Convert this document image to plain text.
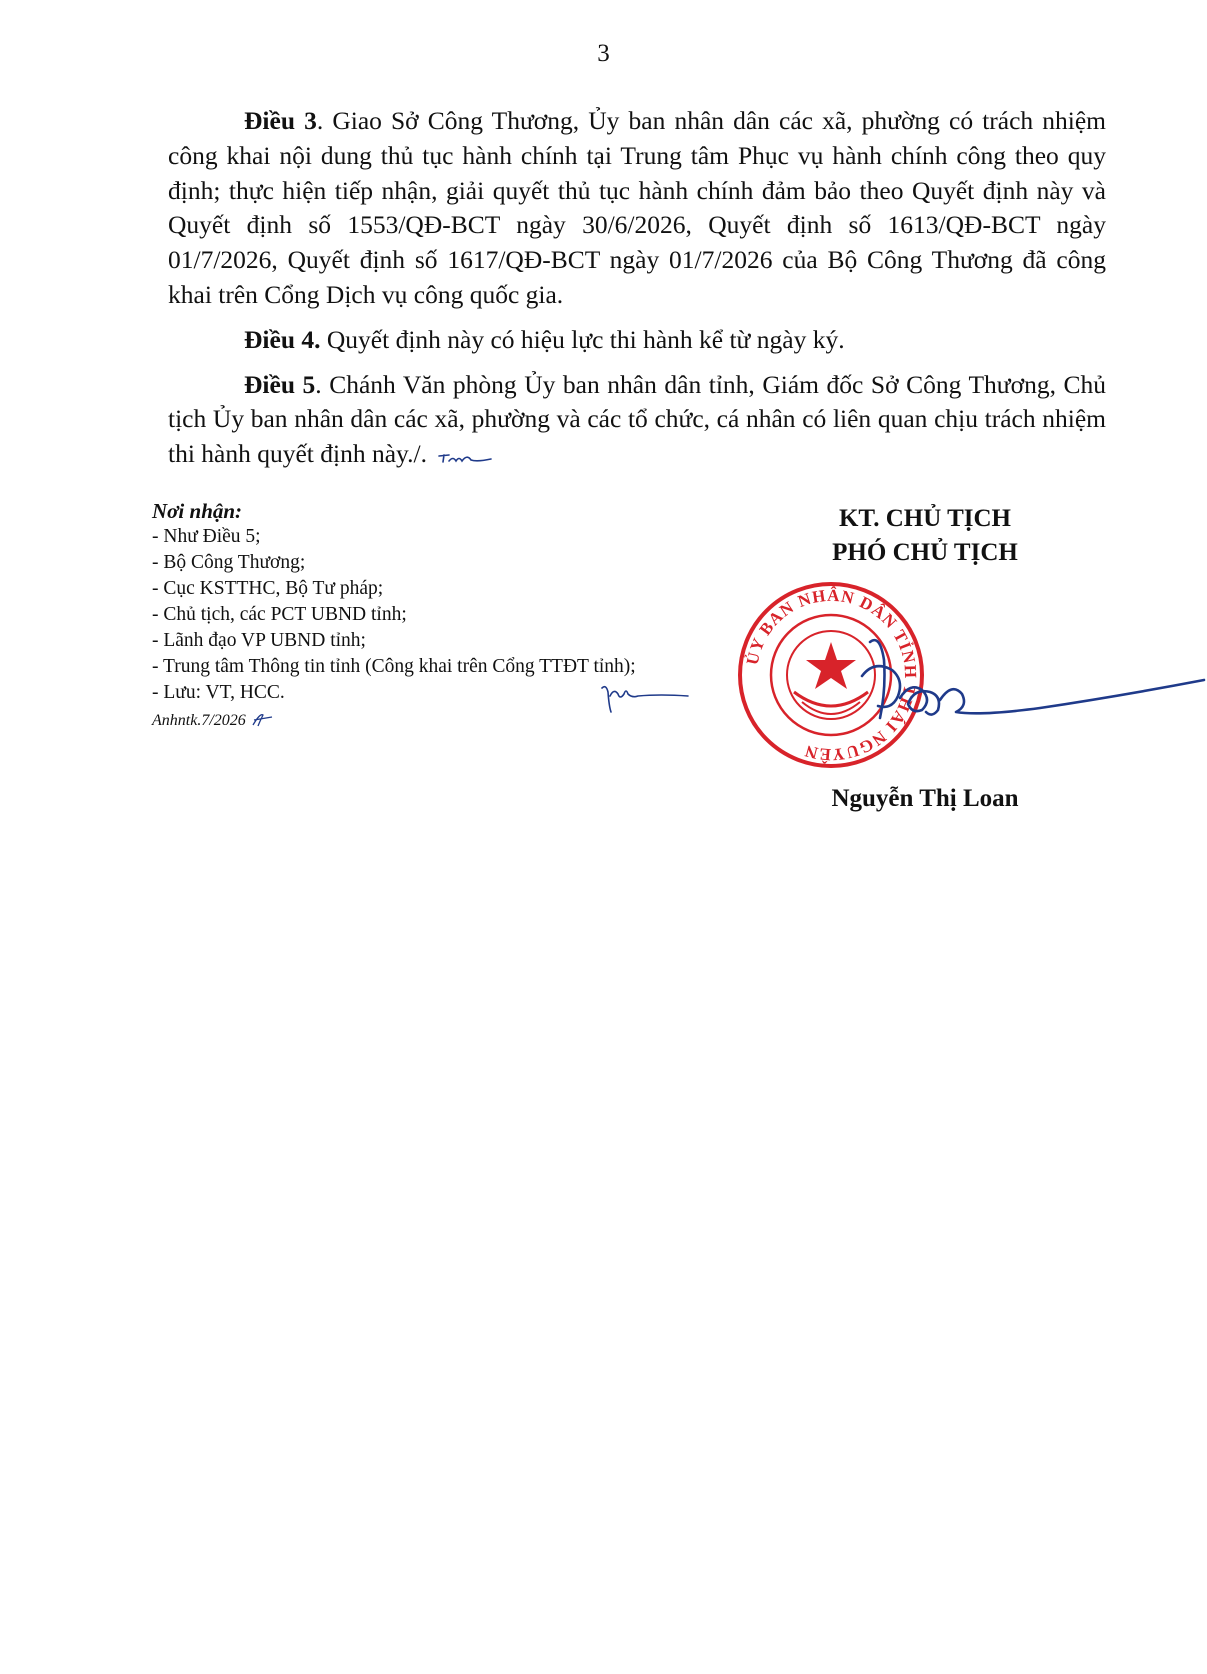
3

Điều 3. Giao Sở Công Thương, Ủy ban nhân dân các xã, phường có trách nhiệm công khai nội dung thủ tục hành chính tại Trung tâm Phục vụ hành chính công theo quy định; thực hiện tiếp nhận, giải quyết thủ tục hành chính đảm bảo theo Quyết định này và Quyết định số 1553/QĐ-BCT ngày 30/6/2026, Quyết định số 1613/QĐ-BCT ngày 01/7/2026, Quyết định số 1617/QĐ-BCT ngày 01/7/2026 của Bộ Công Thương đã công khai trên Cổng Dịch vụ công quốc gia.

Điều 4. Quyết định này có hiệu lực thi hành kể từ ngày ký.

Điều 5. Chánh Văn phòng Ủy ban nhân dân tỉnh, Giám đốc Sở Công Thương, Chủ tịch Ủy ban nhân dân các xã, phường và các tổ chức, cá nhân có liên quan chịu trách nhiệm thi hành quyết định này./.

Nơi nhận:
- Như Điều 5;
- Bộ Công Thương;
- Cục KSTTHC, Bộ Tư pháp;
- Chủ tịch, các PCT UBND tỉnh;
- Lãnh đạo VP UBND tỉnh;
- Trung tâm Thông tin tỉnh (Công khai trên Cổng TTĐT tỉnh);
- Lưu: VT, HCC.
Anhntk.7/2026
KT. CHỦ TỊCH
PHÓ CHỦ TỊCH
ỦY BAN NHÂN DÂN TỈNH THÁI NGUYÊN
Nguyễn Thị Loan
